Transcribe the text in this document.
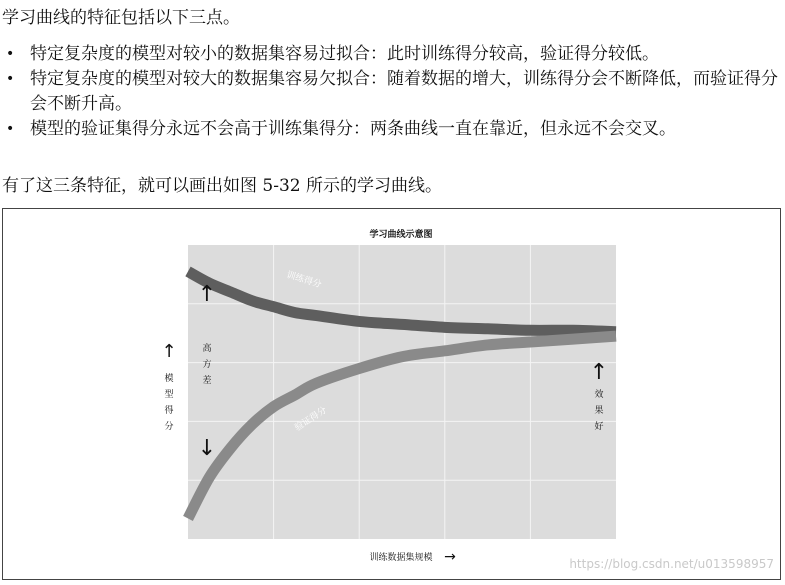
学习曲线的特征包括以下三点。
• 特定复杂度的模型对较小的数据集容易过拟合：此时训练得分较高，验证得分较低。
• 特定复杂度的模型对较大的数据集容易欠拟合：随着数据的增大，训练得分会不断降低，而验证得分会不断升高。
• 模型的验证集得分永远不会高于训练集得分：两条曲线一直在靠近，但永远不会交叉。
有了这三条特征，就可以画出如图 5-32 所示的学习曲线。
学习曲线示意图
训练得分
验证得分
↑
模型得分
↑
高方差
↓
↑
效果好
训练数据集规模 →	https://blog.csdn.net/u013598957
